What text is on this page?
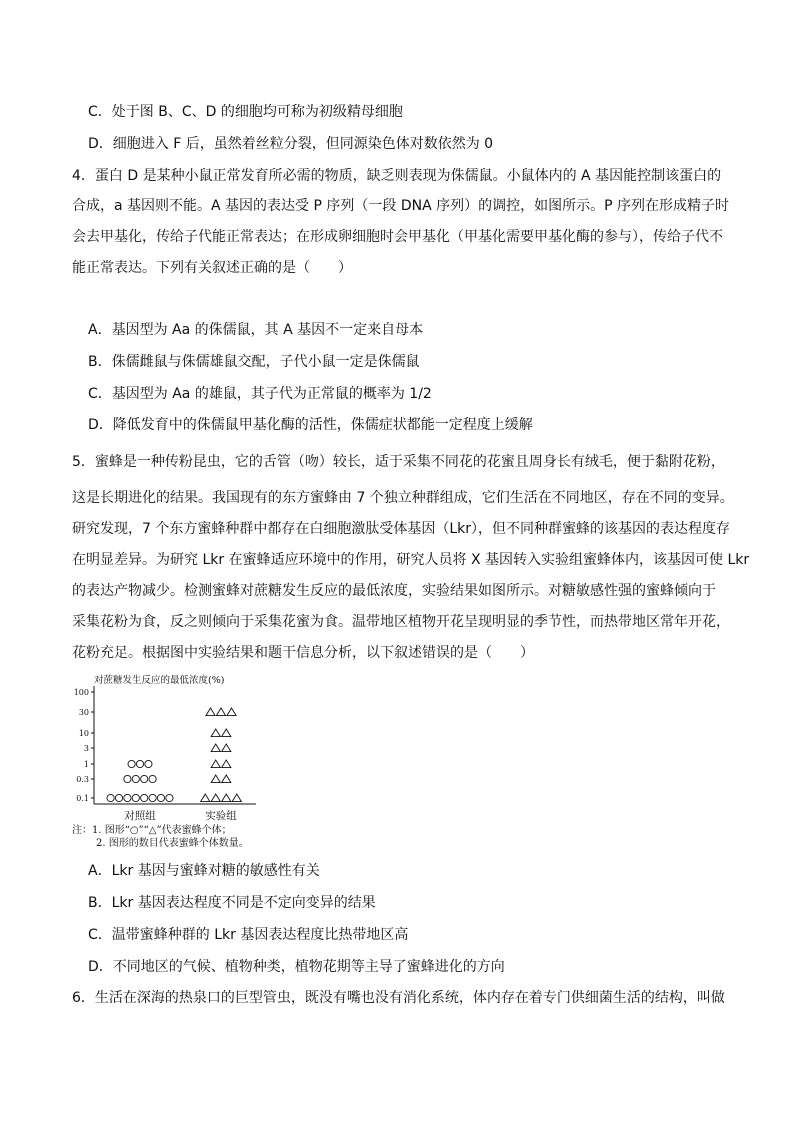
C．处于图 B、C、D 的细胞均可称为初级精母细胞
D．细胞进入 F 后，虽然着丝粒分裂，但同源染色体对数依然为 0
4．蛋白 D 是某种小鼠正常发育所必需的物质，缺乏则表现为侏儒鼠。小鼠体内的 A 基因能控制该蛋白的
合成，a 基因则不能。A 基因的表达受 P 序列（一段 DNA 序列）的调控，如图所示。P 序列在形成精子时
会去甲基化，传给子代能正常表达；在形成卵细胞时会甲基化（甲基化需要甲基化酶的参与），传给子代不
能正常表达。下列有关叙述正确的是（　　）
A．基因型为 Aa 的侏儒鼠，其 A 基因不一定来自母本
B．侏儒雌鼠与侏儒雄鼠交配，子代小鼠一定是侏儒鼠
C．基因型为 Aa 的雄鼠，其子代为正常鼠的概率为 1/2
D．降低发育中的侏儒鼠甲基化酶的活性，侏儒症状都能一定程度上缓解
5．蜜蜂是一种传粉昆虫，它的舌管（吻）较长，适于采集不同花的花蜜且周身长有绒毛，便于黏附花粉，
这是长期进化的结果。我国现有的东方蜜蜂由 7 个独立种群组成，它们生活在不同地区，存在不同的变异。
研究发现，7 个东方蜜蜂种群中都存在白细胞激肽受体基因（Lkr），但不同种群蜜蜂的该基因的表达程度存
在明显差异。为研究 Lkr 在蜜蜂适应环境中的作用，研究人员将 X 基因转入实验组蜜蜂体内，该基因可使 Lkr
的表达产物减少。检测蜜蜂对蔗糖发生反应的最低浓度，实验结果如图所示。对糖敏感性强的蜜蜂倾向于
采集花粉为食，反之则倾向于采集花蜜为食。温带地区植物开花呈现明显的季节性，而热带地区常年开花，
花粉充足。根据图中实验结果和题干信息分析，以下叙述错误的是（　　）
对蔗糖发生反应的最低浓度(%)
100
30
10
3
1
0.3
0.1
对照组	实验组
注：1. 图形“○”“△”代表蜜蜂个体；
2. 图形的数目代表蜜蜂个体数量。
A．Lkr 基因与蜜蜂对糖的敏感性有关
B．Lkr 基因表达程度不同是不定向变异的结果
C．温带蜜蜂种群的 Lkr 基因表达程度比热带地区高
D．不同地区的气候、植物种类，植物花期等主导了蜜蜂进化的方向
6．生活在深海的热泉口的巨型管虫，既没有嘴也没有消化系统，体内存在着专门供细菌生活的结构，叫做
